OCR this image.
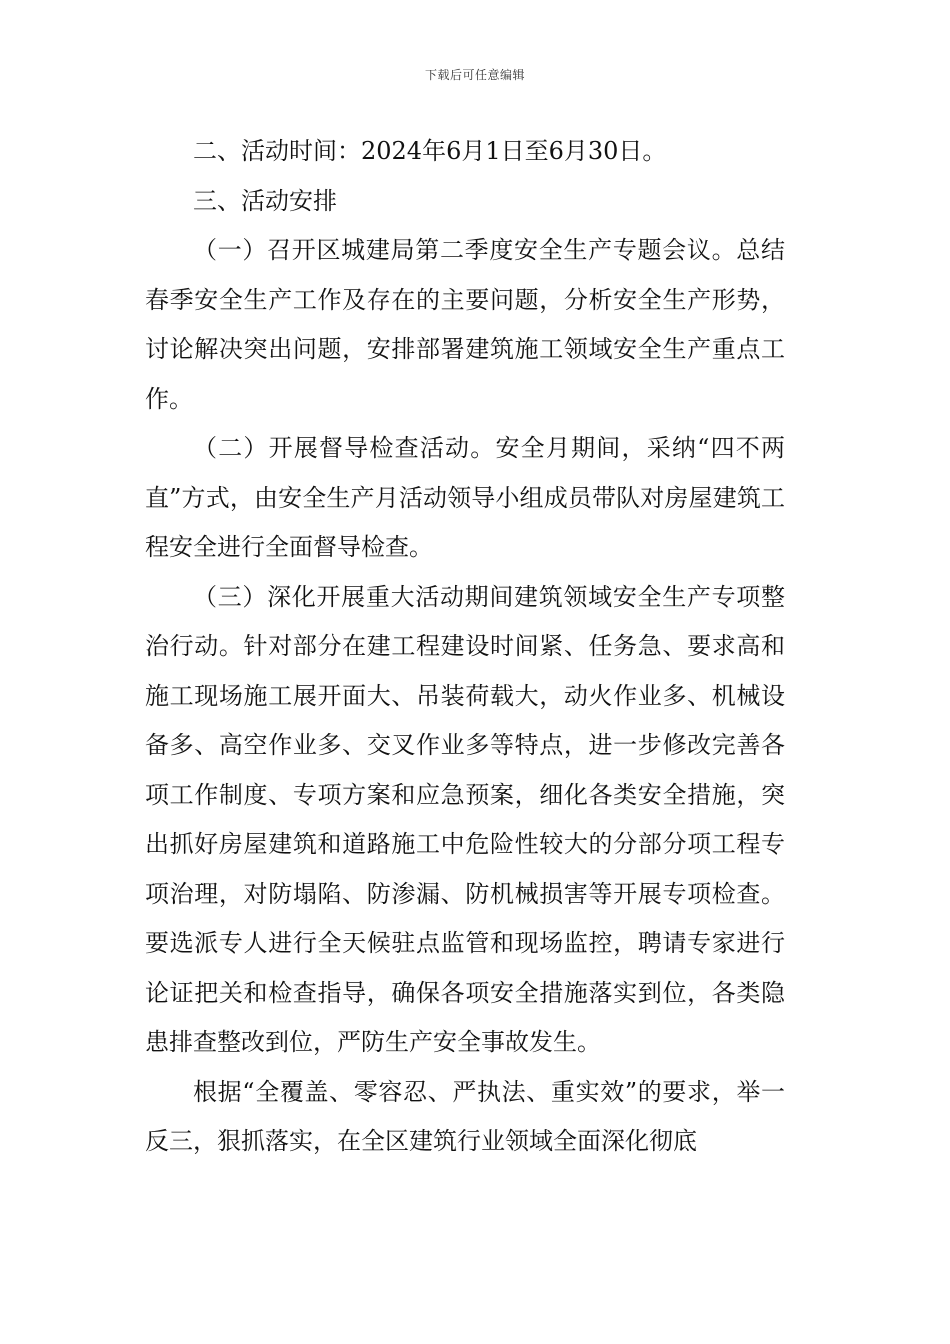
下载后可任意编辑

二、活动时间：2024年6月1日至6月30日。

三、活动安排

（一）召开区城建局第二季度安全生产专题会议。总结春季安全生产工作及存在的主要问题，分析安全生产形势，讨论解决突出问题，安排部署建筑施工领域安全生产重点工作。

（二）开展督导检查活动。安全月期间，采纳“四不两直”方式，由安全生产月活动领导小组成员带队对房屋建筑工程安全进行全面督导检查。

（三）深化开展重大活动期间建筑领域安全生产专项整治行动。针对部分在建工程建设时间紧、任务急、要求高和施工现场施工展开面大、吊装荷载大，动火作业多、机械设备多、高空作业多、交叉作业多等特点，进一步修改完善各项工作制度、专项方案和应急预案，细化各类安全措施，突出抓好房屋建筑和道路施工中危险性较大的分部分项工程专项治理，对防塌陷、防渗漏、防机械损害等开展专项检查。要选派专人进行全天候驻点监管和现场监控，聘请专家进行论证把关和检查指导，确保各项安全措施落实到位，各类隐患排查整改到位，严防生产安全事故发生。

根据“全覆盖、零容忍、严执法、重实效”的要求，举一反三，狠抓落实，在全区建筑行业领域全面深化彻底
